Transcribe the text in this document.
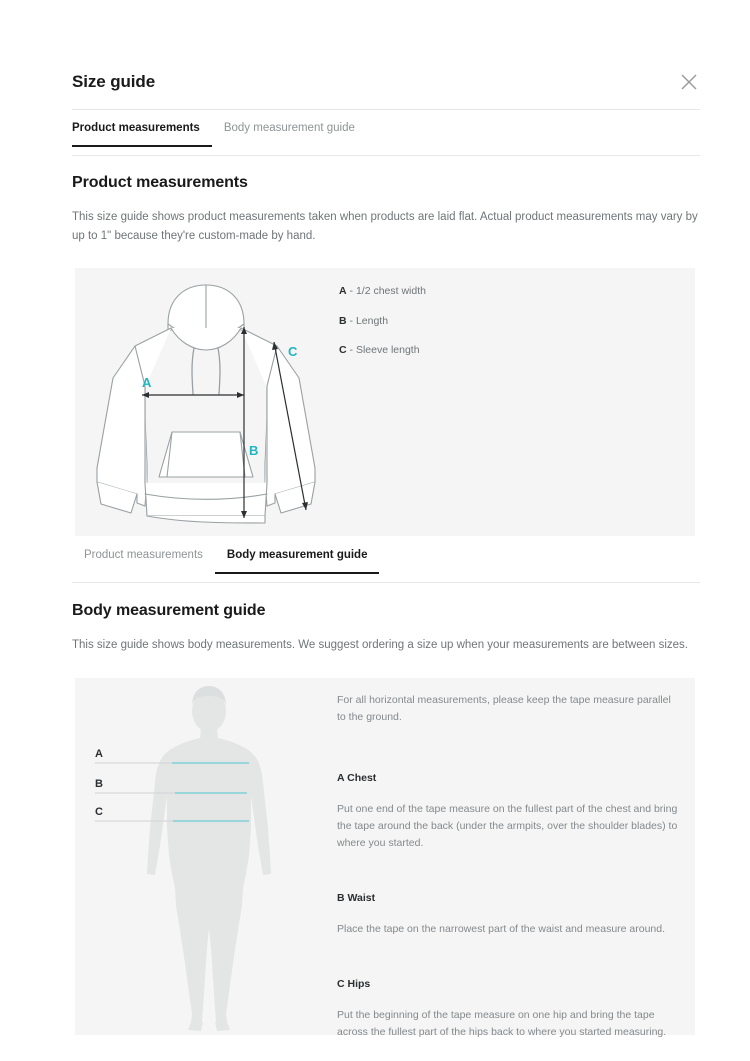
Size guide
Product measurements	Body measurement guide
Product measurements
This size guide shows product measurements taken when products are laid flat. Actual product measurements may vary by up to 1" because they're custom-made by hand.
A
B
C
A - 1/2 chest width
B - Length
C - Sleeve length
Product measurements	Body measurement guide
Body measurement guide
This size guide shows body measurements. We suggest ordering a size up when your measurements are between sizes.
A
B
C
For all horizontal measurements, please keep the tape measure parallel to the ground.
A Chest
Put one end of the tape measure on the fullest part of the chest and bring the tape around the back (under the armpits, over the shoulder blades) to where you started.
B Waist
Place the tape on the narrowest part of the waist and measure around.
C Hips
Put the beginning of the tape measure on one hip and bring the tape across the fullest part of the hips back to where you started measuring.
